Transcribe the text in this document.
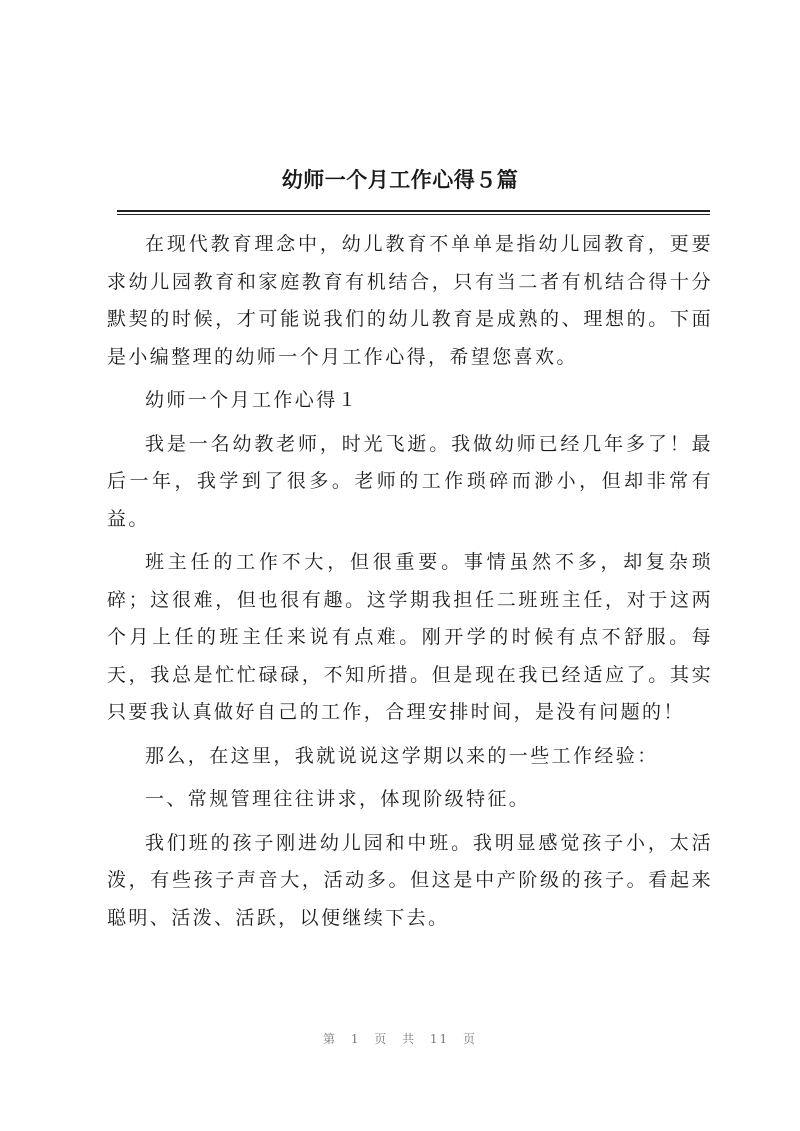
幼师一个月工作心得５篇

在现代教育理念中，幼儿教育不单单是指幼儿园教育，更要求幼儿园教育和家庭教育有机结合，只有当二者有机结合得十分默契的时候，才可能说我们的幼儿教育是成熟的、理想的。下面是小编整理的幼师一个月工作心得，希望您喜欢。

幼师一个月工作心得１

我是一名幼教老师，时光飞逝。我做幼师已经几年多了！最后一年，我学到了很多。老师的工作琐碎而渺小，但却非常有益。

班主任的工作不大，但很重要。事情虽然不多，却复杂琐碎；这很难，但也很有趣。这学期我担任二班班主任，对于这两个月上任的班主任来说有点难。刚开学的时候有点不舒服。每天，我总是忙忙碌碌，不知所措。但是现在我已经适应了。其实只要我认真做好自己的工作，合理安排时间，是没有问题的！

那么，在这里，我就说说这学期以来的一些工作经验：

一、常规管理往往讲求，体现阶级特征。

我们班的孩子刚进幼儿园和中班。我明显感觉孩子小，太活泼，有些孩子声音大，活动多。但这是中产阶级的孩子。看起来聪明、活泼、活跃，以便继续下去。

第 1 页 共 11 页
